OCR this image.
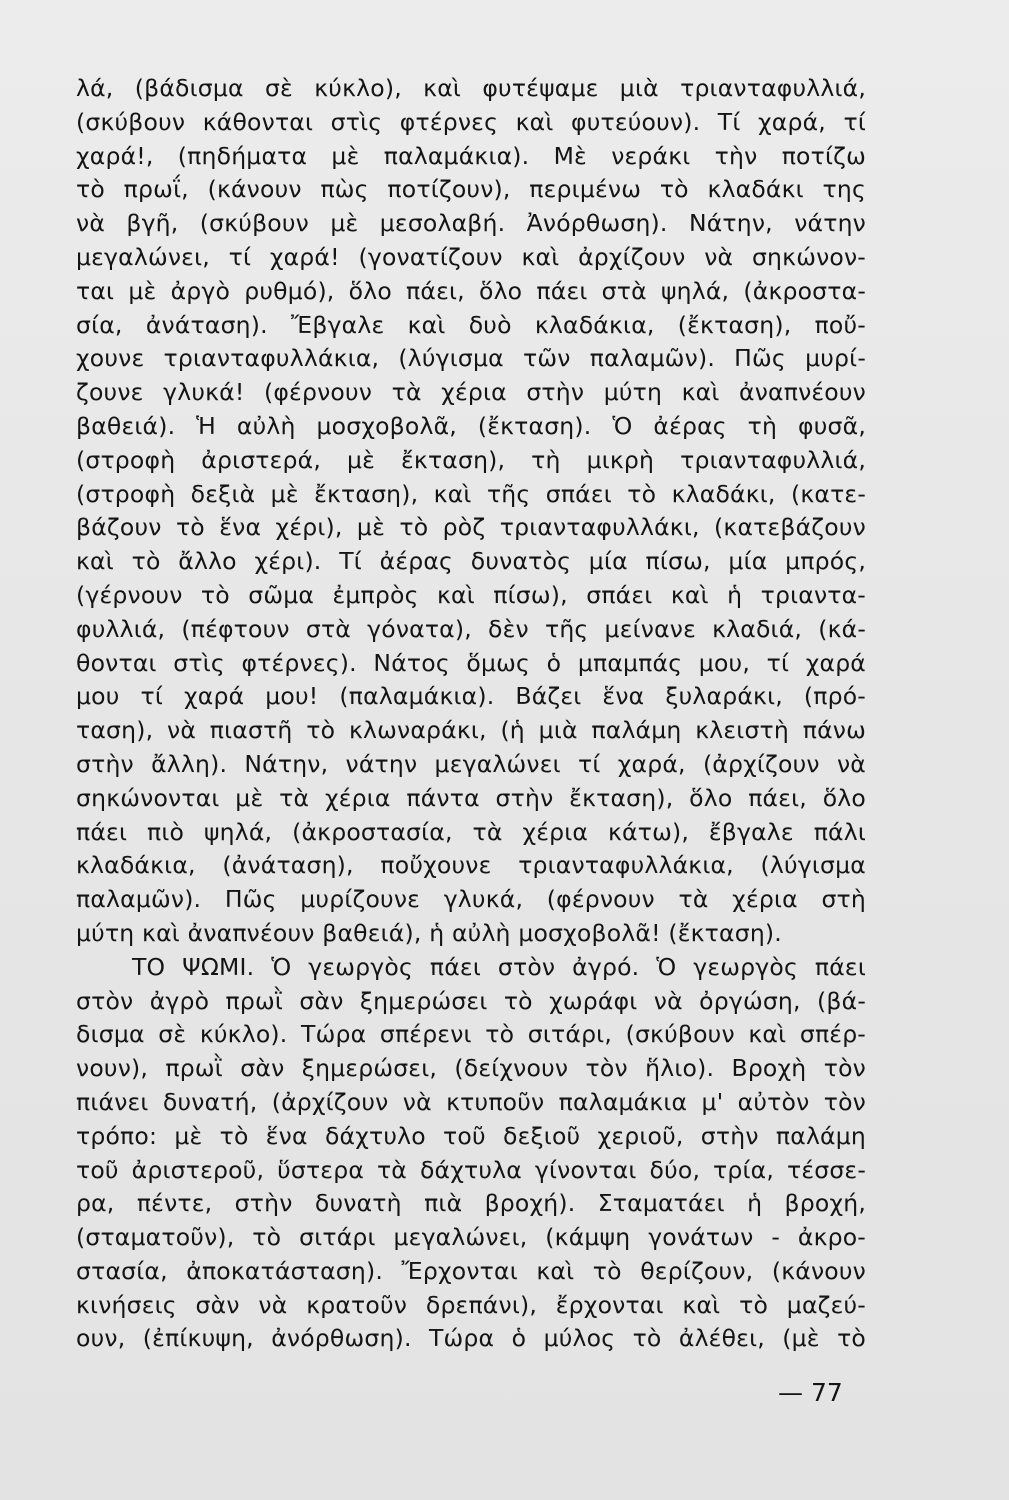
λά, (βάδισμα σὲ κύκλο), καὶ φυτέψαμε μιὰ τριανταφυλλιά,
(σκύβουν κάθονται στὶς φτέρνες καὶ φυτεύουν). Τί χαρά, τί
χαρά!, (πηδήματα μὲ παλαμάκια). Μὲ νεράκι τὴν ποτίζω
τὸ πρωΐ, (κάνουν πὼς ποτίζουν), περιμένω τὸ κλαδάκι της
νὰ βγῆ, (σκύβουν μὲ μεσολαβή. Ἀνόρθωση). Νάτην, νάτην
μεγαλώνει, τί χαρά! (γονατίζουν καὶ ἀρχίζουν νὰ σηκώνον-
ται μὲ ἀργὸ ρυθμό), ὅλο πάει, ὅλο πάει στὰ ψηλά, (ἀκροστα-
σία, ἀνάταση). Ἔβγαλε καὶ δυὸ κλαδάκια, (ἔκταση), ποὔ-
χουνε τριανταφυλλάκια, (λύγισμα τῶν παλαμῶν). Πῶς μυρί-
ζουνε γλυκά! (φέρνουν τὰ χέρια στὴν μύτη καὶ ἀναπνέουν
βαθειά). Ἡ αὐλὴ μοσχοβολᾶ, (ἔκταση). Ὁ ἀέρας τὴ φυσᾶ,
(στροφὴ ἀριστερά, μὲ ἔκταση), τὴ μικρὴ τριανταφυλλιά,
(στροφὴ δεξιὰ μὲ ἔκταση), καὶ τῆς σπάει τὸ κλαδάκι, (κατε-
βάζουν τὸ ἕνα χέρι), μὲ τὸ ρὸζ τριανταφυλλάκι, (κατεβάζουν
καὶ τὸ ἄλλο χέρι). Τί ἀέρας δυνατὸς μία πίσω, μία μπρός,
(γέρνουν τὸ σῶμα ἐμπρὸς καὶ πίσω), σπάει καὶ ἡ τριαντα-
φυλλιά, (πέφτουν στὰ γόνατα), δὲν τῆς μείνανε κλαδιά, (κά-
θονται στὶς φτέρνες). Νάτος ὅμως ὁ μπαμπάς μου, τί χαρά
μου τί χαρά μου! (παλαμάκια). Βάζει ἕνα ξυλαράκι, (πρό-
ταση), νὰ πιαστῆ τὸ κλωναράκι, (ἡ μιὰ παλάμη κλειστὴ πάνω
στὴν ἄλλη). Νάτην, νάτην μεγαλώνει τί χαρά, (ἀρχίζουν νὰ
σηκώνονται μὲ τὰ χέρια πάντα στὴν ἔκταση), ὅλο πάει, ὅλο
πάει πιὸ ψηλά, (ἀκροστασία, τὰ χέρια κάτω), ἔβγαλε πάλι
κλαδάκια, (ἀνάταση), ποὔχουνε τριανταφυλλάκια, (λύγισμα
παλαμῶν). Πῶς μυρίζουνε γλυκά, (φέρνουν τὰ χέρια στὴ
μύτη καὶ ἀναπνέουν βαθειά), ἡ αὐλὴ μοσχοβολᾶ! (ἔκταση).
ΤΟ ΨΩΜΙ. Ὁ γεωργὸς πάει στὸν ἀγρό. Ὁ γεωργὸς πάει
στὸν ἀγρὸ πρωῒ σὰν ξημερώσει τὸ χωράφι νὰ ὀργώση, (βά-
δισμα σὲ κύκλο). Τώρα σπέρενι τὸ σιτάρι, (σκύβουν καὶ σπέρ-
νουν), πρωῒ σὰν ξημερώσει, (δείχνουν τὸν ἥλιο). Βροχὴ τὸν
πιάνει δυνατή, (ἀρχίζουν νὰ κτυποῦν παλαμάκια μ' αὐτὸν τὸν
τρόπο: μὲ τὸ ἕνα δάχτυλο τοῦ δεξιοῦ χεριοῦ, στὴν παλάμη
τοῦ ἀριστεροῦ, ὕστερα τὰ δάχτυλα γίνονται δύο, τρία, τέσσε-
ρα, πέντε, στὴν δυνατὴ πιὰ βροχή). Σταματάει ἡ βροχή,
(σταματοῦν), τὸ σιτάρι μεγαλώνει, (κάμψη γονάτων - ἀκρο-
στασία, ἀποκατάσταση). Ἔρχονται καὶ τὸ θερίζουν, (κάνουν
κινήσεις σὰν νὰ κρατοῦν δρεπάνι), ἔρχονται καὶ τὸ μαζεύ-
ουν, (ἐπίκυψη, ἀνόρθωση). Τώρα ὁ μύλος τὸ ἀλέθει, (μὲ τὸ
— 77
